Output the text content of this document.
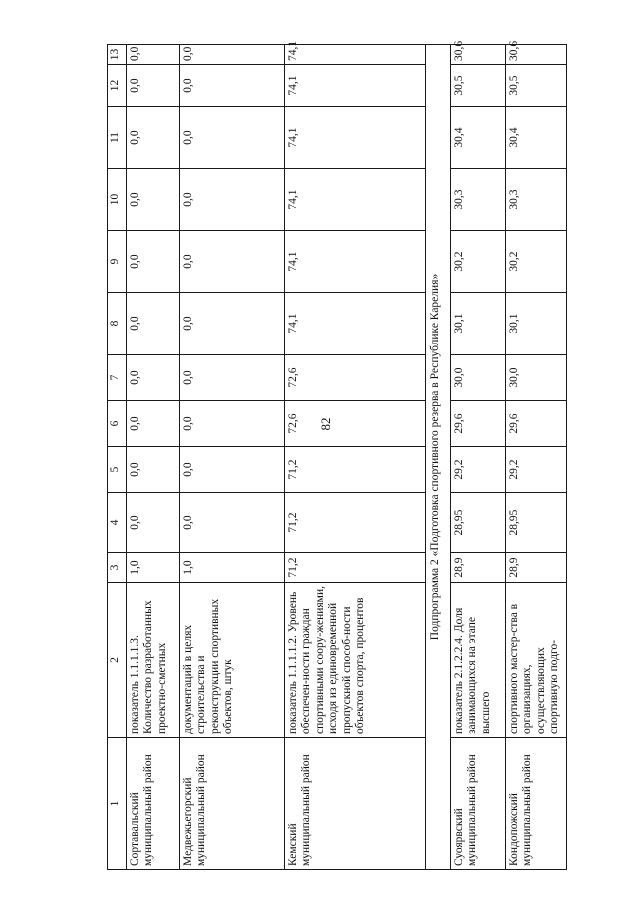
82
1	2	3	4	5	6	7	8	9	10	11	12	13
Сортавальский муниципальный район	показатель 1.1.1.1.3. Количество разработанных проектно-сметных	1,0	0,0	0,0	0,0	0,0	0,0	0,0	0,0	0,0	0,0	0,0
Медвежьегорский муниципальный район	документаций в целях строительства и реконструкции спортивных объектов, штук	1,0	0,0	0,0	0,0	0,0	0,0	0,0	0,0	0,0	0,0	0,0
Кемский муниципальный район	показатель 1.1.1.1.2. Уровень обеспечен-ности граждан спортивными соору-жениями, исходя из единовременной пропускной способ-ности объектов спорта, процентов	71,2	71,2	71,2	72,6	72,6	74,1	74,1	74,1	74,1	74,1	74,1
Подпрограмма 2 «Подготовка спортивного резерва в Республике Карелия»												
Суоярвский муниципальный район	показатель 2.1.2.2.4. Доля занимающихся на этапе высшего	28,9	28,95	29,2	29,6	30,0	30,1	30,2	30,3	30,4	30,5	30,6
Кондопожский муниципальный район	спортивного мастер-ства в организациях, осуществляющих спортивную подго-	28,9	28,95	29,2	29,6	30,0	30,1	30,2	30,3	30,4	30,5	30,6
